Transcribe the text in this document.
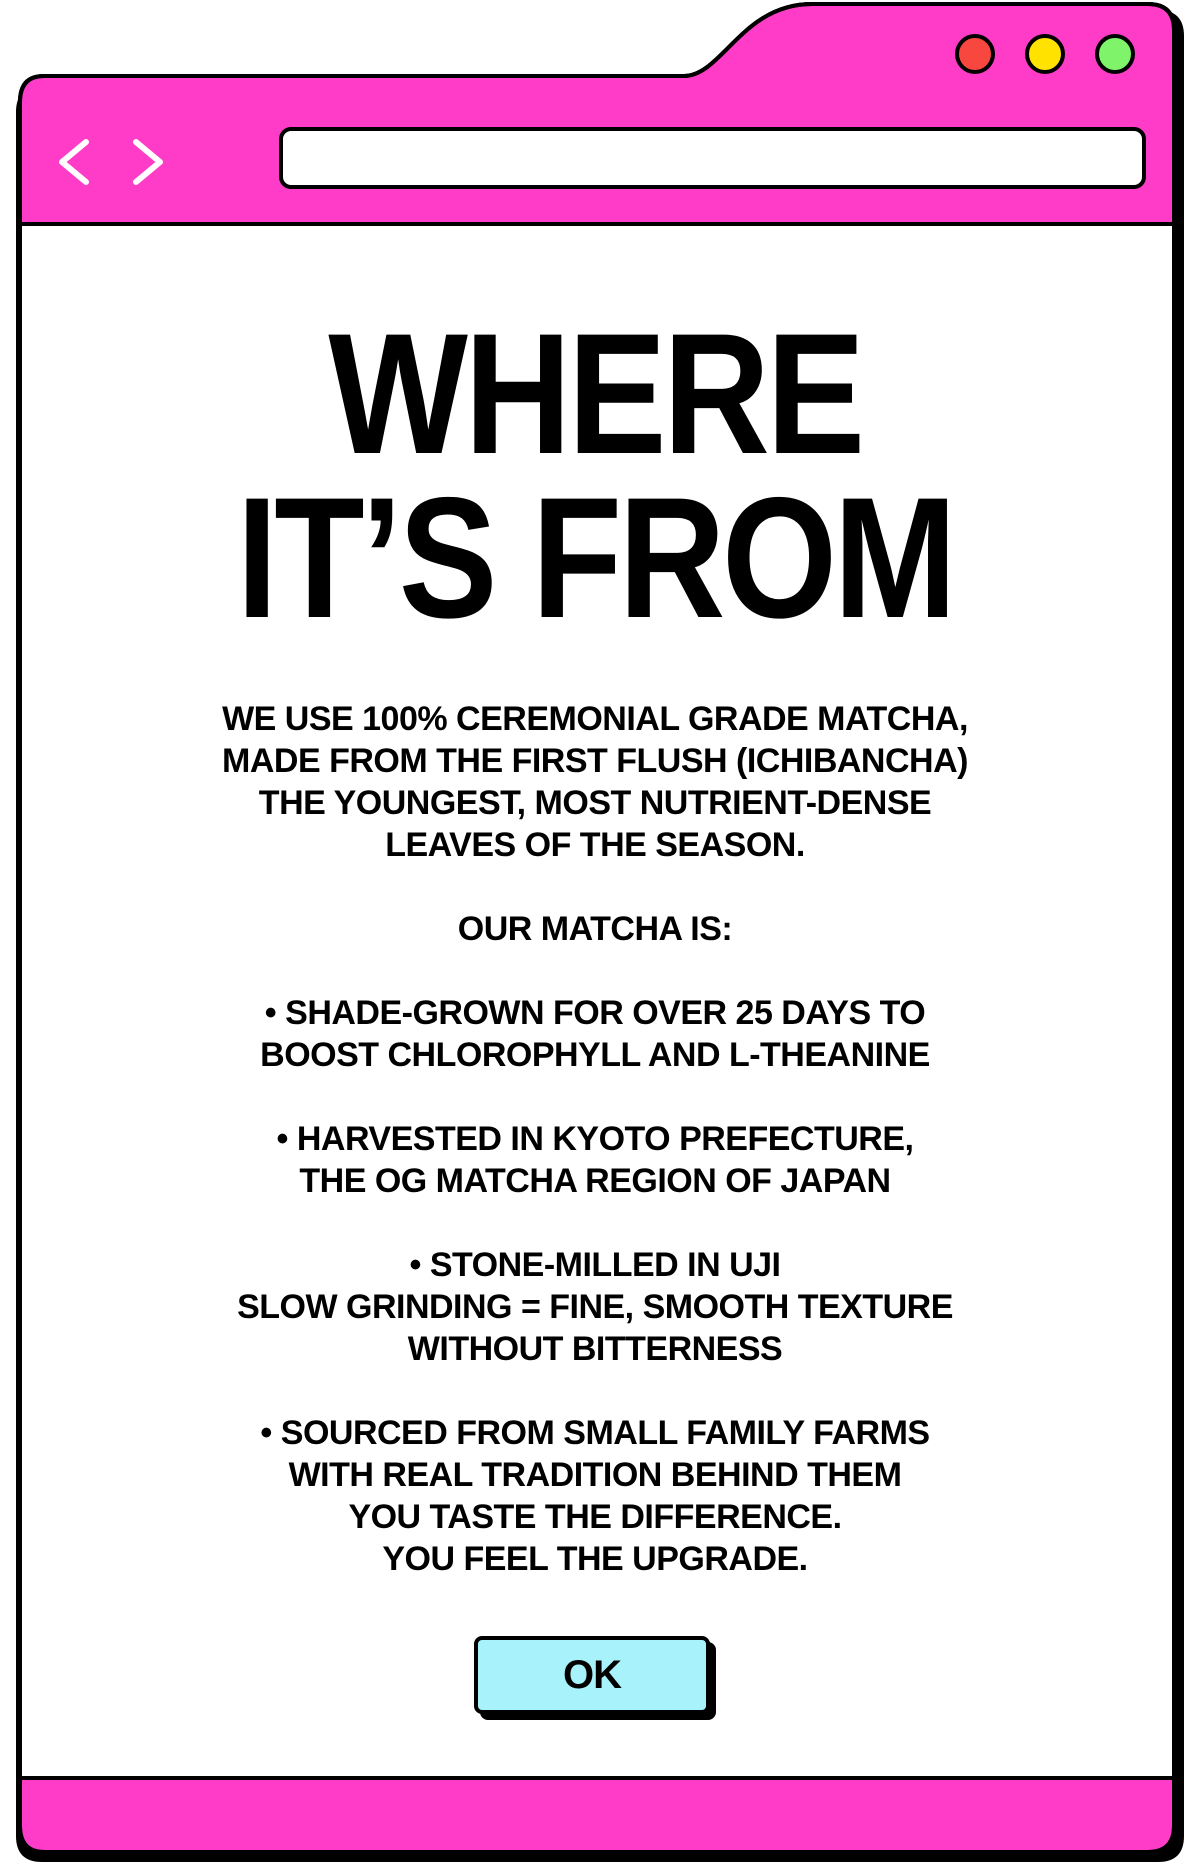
WHERE
IT’S FROM

WE USE 100% CEREMONIAL GRADE MATCHA,

MADE FROM THE FIRST FLUSH (ICHIBANCHA)

THE YOUNGEST, MOST NUTRIENT-DENSE

LEAVES OF THE SEASON.

OUR MATCHA IS:

• SHADE-GROWN FOR OVER 25 DAYS TO

BOOST CHLOROPHYLL AND L-THEANINE

• HARVESTED IN KYOTO PREFECTURE,

THE OG MATCHA REGION OF JAPAN

• STONE-MILLED IN UJI

SLOW GRINDING = FINE, SMOOTH TEXTURE

WITHOUT BITTERNESS

• SOURCED FROM SMALL FAMILY FARMS

WITH REAL TRADITION BEHIND THEM

YOU TASTE THE DIFFERENCE.

YOU FEEL THE UPGRADE.

OK
